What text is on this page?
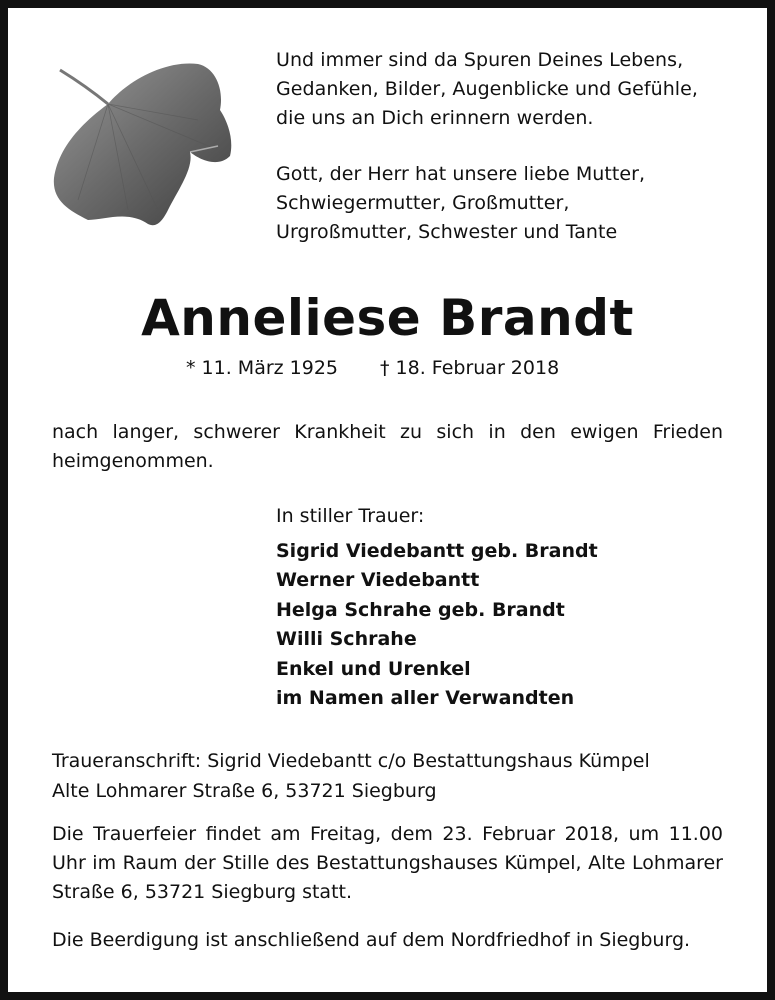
Und immer sind da Spuren Deines Lebens,
Gedanken, Bilder, Augenblicke und Gefühle,
die uns an Dich erinnern werden.
Gott, der Herr hat unsere liebe Mutter,
Schwiegermutter, Großmutter,
Urgroßmutter, Schwester und Tante
Anneliese Brandt
* 11. März 1925 † 18. Februar 2018
nach langer, schwerer Krankheit zu sich in den ewigen Frieden heimgenommen.
In stiller Trauer:
Sigrid Viedebantt geb. Brandt
Werner Viedebantt
Helga Schrahe geb. Brandt
Willi Schrahe
Enkel und Urenkel
im Namen aller Verwandten
Traueranschrift: Sigrid Viedebantt c/o Bestattungshaus Kümpel
Alte Lohmarer Straße 6, 53721 Siegburg
Die Trauerfeier findet am Freitag, dem 23. Februar 2018, um 11.00 Uhr im Raum der Stille des Bestattungshauses Kümpel, Alte Lohmarer Straße 6, 53721 Siegburg statt.
Die Beerdigung ist anschließend auf dem Nordfriedhof in Siegburg.
